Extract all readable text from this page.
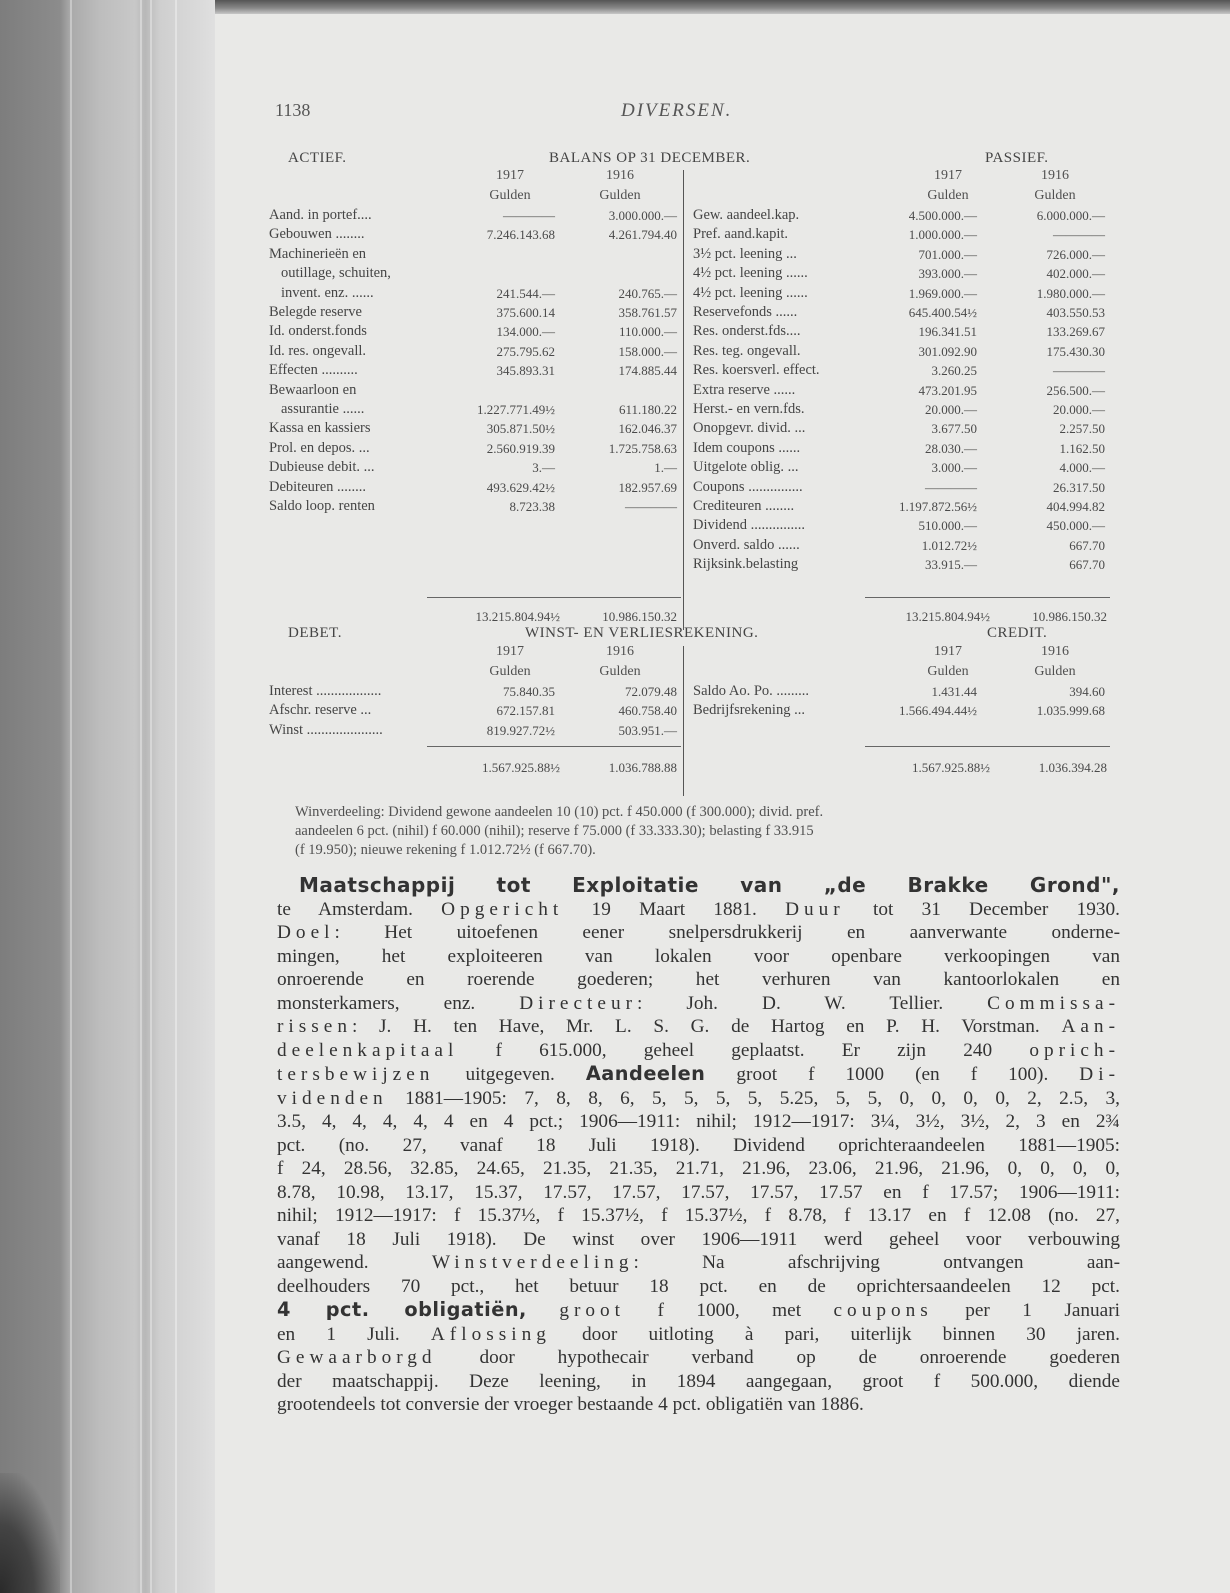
1138	DIVERSEN.
ACTIEF.	BALANS OP 31 DECEMBER.	PASSIEF.
1917	1916
Gulden	Gulden
1917	1916
Gulden	Gulden
Aand. in portef....	————	3.000.000.—
Gebouwen ........	7.246.143.68	4.261.794.40
Machinerieën en
outillage, schuiten,
invent. enz. ......	241.544.—	240.765.—
Belegde reserve	375.600.14	358.761.57
Id. onderst.fonds	134.000.—	110.000.—
Id. res. ongevall.	275.795.62	158.000.—
Effecten ..........	345.893.31	174.885.44
Bewaarloon en
assurantie ......	1.227.771.49½	611.180.22
Kassa en kassiers	305.871.50½	162.046.37
Prol. en depos. ...	2.560.919.39	1.725.758.63
Dubieuse debit. ...	3.—	1.—
Debiteuren ........	493.629.42½	182.957.69
Saldo loop. renten	8.723.38	————
Gew. aandeel.kap.	4.500.000.—	6.000.000.—
Pref. aand.kapit.	1.000.000.—	————
3½ pct. leening ...	701.000.—	726.000.—
4½ pct. leening ......	393.000.—	402.000.—
4½ pct. leening ......	1.969.000.—	1.980.000.—
Reservefonds ......	645.400.54½	403.550.53
Res. onderst.fds....	196.341.51	133.269.67
Res. teg. ongevall.	301.092.90	175.430.30
Res. koersverl. effect.	3.260.25	————
Extra reserve ......	473.201.95	256.500.—
Herst.- en vern.fds.	20.000.—	20.000.—
Onopgevr. divid. ...	3.677.50	2.257.50
Idem coupons ......	28.030.—	1.162.50
Uitgelote oblig. ...	3.000.—	4.000.—
Coupons ...............	————	26.317.50
Crediteuren ........	1.197.872.56½	404.994.82
Dividend ...............	510.000.—	450.000.—
Onverd. saldo ......	1.012.72½	667.70
Rijksink.belasting	33.915.—	667.70
13.215.804.94½	10.986.150.32	13.215.804.94½	10.986.150.32
DEBET.	WINST- EN VERLIESREKENING.	CREDIT.
1917	1916
Gulden	Gulden
1917	1916
Gulden	Gulden
Interest ..................	75.840.35	72.079.48
Afschr. reserve ...	672.157.81	460.758.40
Winst .....................	819.927.72½	503.951.—
Saldo Ao. Po. .........	1.431.44	394.60
Bedrijfsrekening ...	1.566.494.44½	1.035.999.68
1.567.925.88½	1.036.788.88	1.567.925.88½	1.036.394.28
Winverdeeling: Dividend gewone aandeelen 10 (10) pct. f 450.000 (f 300.000); divid. pref.
aandeelen 6 pct. (nihil) f 60.000 (nihil); reserve f 75.000 (f 33.333.30); belasting f 33.915
(f 19.950); nieuwe rekening f 1.012.72½ (f 667.70).
Maatschappij tot Exploitatie van „de Brakke Grond",
te Amsterdam. Opgericht 19 Maart 1881. Duur tot 31 December 1930.
Doel: Het uitoefenen eener snelpersdrukkerij en aanverwante onderne-
mingen, het exploiteeren van lokalen voor openbare verkoopingen van
onroerende en roerende goederen; het verhuren van kantoorlokalen en
monsterkamers, enz. Directeur: Joh. D. W. Tellier. Commissa-
rissen: J. H. ten Have, Mr. L. S. G. de Hartog en P. H. Vorstman. Aan-
deelenkapitaal f 615.000, geheel geplaatst. Er zijn 240 oprich-
tersbewijzen uitgegeven. Aandeelen groot f 1000 (en f 100). Di-
videnden 1881—1905: 7, 8, 8, 6, 5, 5, 5, 5, 5.25, 5, 5, 0, 0, 0, 0, 2, 2.5, 3,
3.5, 4, 4, 4, 4, 4 en 4 pct.; 1906—1911: nihil; 1912—1917: 3¼, 3½, 3½, 2, 3 en 2¾
pct. (no. 27, vanaf 18 Juli 1918). Dividend oprichteraandeelen 1881—1905:
f 24, 28.56, 32.85, 24.65, 21.35, 21.35, 21.71, 21.96, 23.06, 21.96, 21.96, 0, 0, 0, 0,
8.78, 10.98, 13.17, 15.37, 17.57, 17.57, 17.57, 17.57, 17.57 en f 17.57; 1906—1911:
nihil; 1912—1917: f 15.37½, f 15.37½, f 15.37½, f 8.78, f 13.17 en f 12.08 (no. 27,
vanaf 18 Juli 1918). De winst over 1906—1911 werd geheel voor verbouwing
aangewend. Winstverdeeling: Na afschrijving ontvangen aan-
deelhouders 70 pct., het betuur 18 pct. en de oprichtersaandeelen 12 pct.
4 pct. obligatiën, groot f 1000, met coupons per 1 Januari
en 1 Juli. Aflossing door uitloting à pari, uiterlijk binnen 30 jaren.
Gewaarborgd door hypothecair verband op de onroerende goederen
der maatschappij. Deze leening, in 1894 aangegaan, groot f 500.000, diende
grootendeels tot conversie der vroeger bestaande 4 pct. obligatiën van 1886.
